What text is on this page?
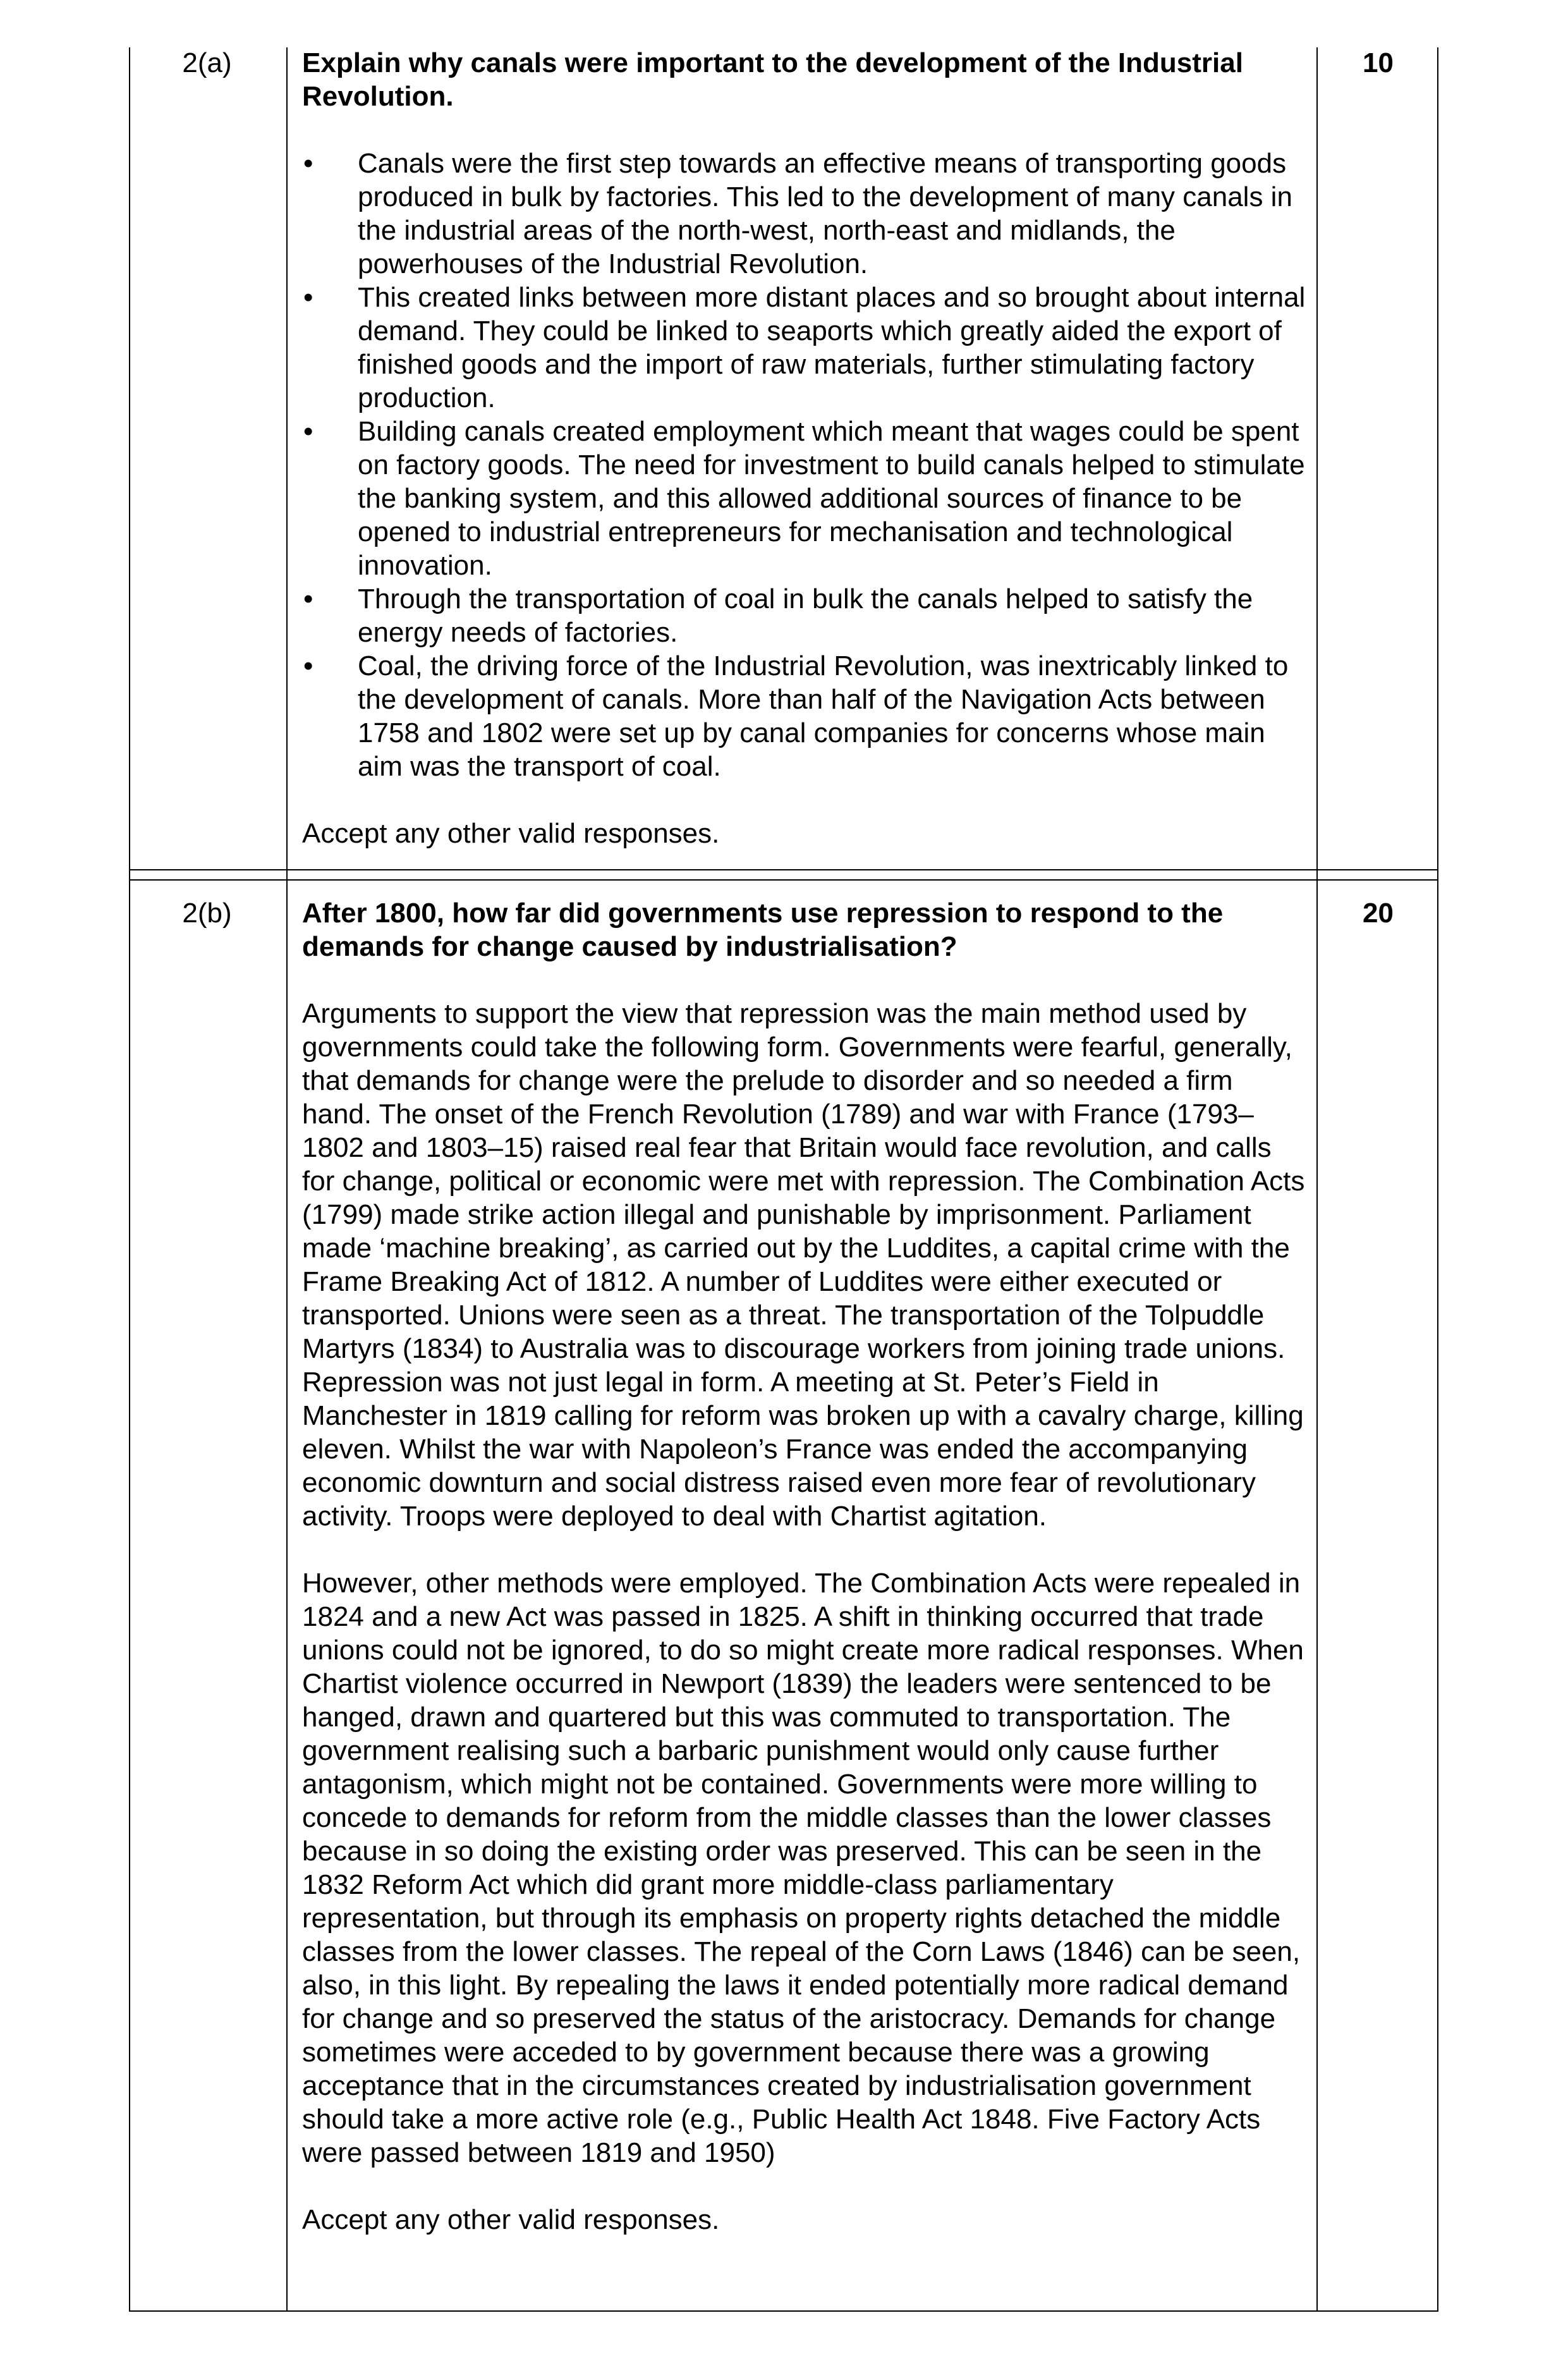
2(a)	10

Explain why canals were important to the development of the Industrial Revolution.

• Canals were the first step towards an effective means of transporting goods produced in bulk by factories. This led to the development of many canals in the industrial areas of the north-west, north-east and midlands, the powerhouses of the Industrial Revolution.
• This created links between more distant places and so brought about internal demand. They could be linked to seaports which greatly aided the export of finished goods and the import of raw materials, further stimulating factory production.
• Building canals created employment which meant that wages could be spent on factory goods. The need for investment to build canals helped to stimulate the banking system, and this allowed additional sources of finance to be opened to industrial entrepreneurs for mechanisation and technological innovation.
• Through the transportation of coal in bulk the canals helped to satisfy the energy needs of factories.
• Coal, the driving force of the Industrial Revolution, was inextricably linked to the development of canals. More than half of the Navigation Acts between 1758 and 1802 were set up by canal companies for concerns whose main aim was the transport of coal.

Accept any other valid responses.

2(b)	20

After 1800, how far did governments use repression to respond to the demands for change caused by industrialisation?

Arguments to support the view that repression was the main method used by governments could take the following form. Governments were fearful, generally, that demands for change were the prelude to disorder and so needed a firm hand. The onset of the French Revolution (1789) and war with France (1793–1802 and 1803–15) raised real fear that Britain would face revolution, and calls for change, political or economic were met with repression. The Combination Acts (1799) made strike action illegal and punishable by imprisonment. Parliament made ‘machine breaking’, as carried out by the Luddites, a capital crime with the Frame Breaking Act of 1812. A number of Luddites were either executed or transported. Unions were seen as a threat. The transportation of the Tolpuddle Martyrs (1834) to Australia was to discourage workers from joining trade unions. Repression was not just legal in form. A meeting at St. Peter’s Field in Manchester in 1819 calling for reform was broken up with a cavalry charge, killing eleven. Whilst the war with Napoleon’s France was ended the accompanying economic downturn and social distress raised even more fear of revolutionary activity. Troops were deployed to deal with Chartist agitation.

However, other methods were employed. The Combination Acts were repealed in 1824 and a new Act was passed in 1825. A shift in thinking occurred that trade unions could not be ignored, to do so might create more radical responses. When Chartist violence occurred in Newport (1839) the leaders were sentenced to be hanged, drawn and quartered but this was commuted to transportation. The government realising such a barbaric punishment would only cause further antagonism, which might not be contained. Governments were more willing to concede to demands for reform from the middle classes than the lower classes because in so doing the existing order was preserved. This can be seen in the 1832 Reform Act which did grant more middle-class parliamentary representation, but through its emphasis on property rights detached the middle classes from the lower classes. The repeal of the Corn Laws (1846) can be seen, also, in this light. By repealing the laws it ended potentially more radical demand for change and so preserved the status of the aristocracy. Demands for change sometimes were acceded to by government because there was a growing acceptance that in the circumstances created by industrialisation government should take a more active role (e.g., Public Health Act 1848. Five Factory Acts were passed between 1819 and 1950)

Accept any other valid responses.
